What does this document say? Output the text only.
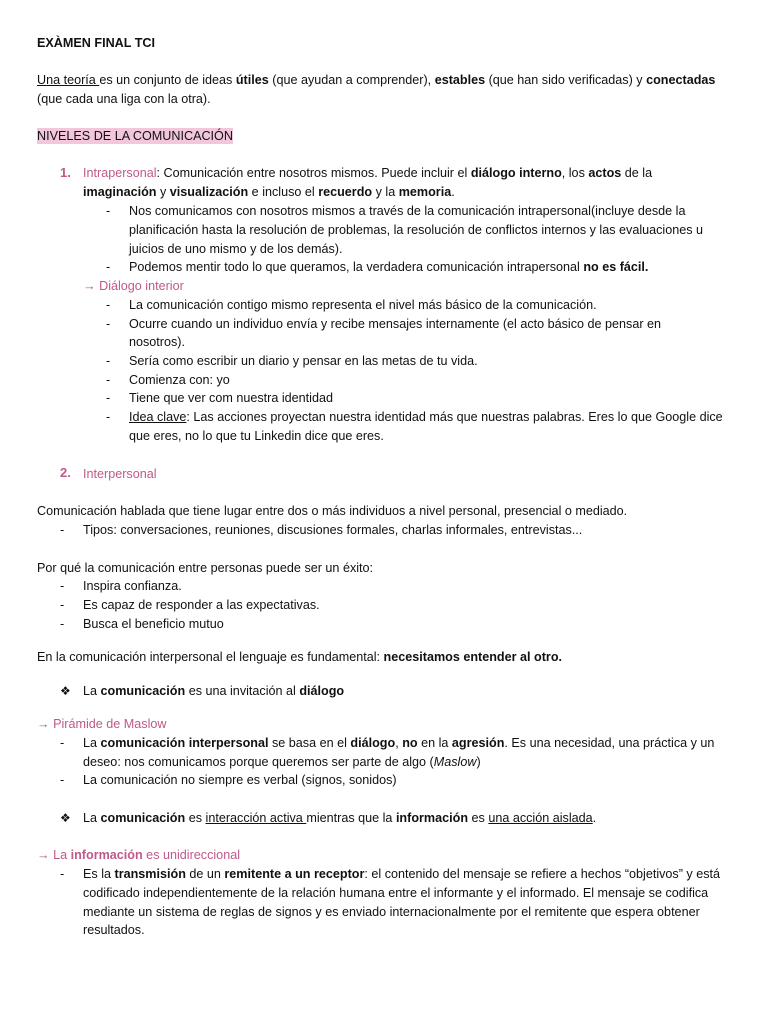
EXÀMEN FINAL TCI
Una teoría es un conjunto de ideas útiles (que ayudan a comprender), estables (que han sido verificadas) y conectadas
(que cada una liga con la otra).
NIVELES DE LA COMUNICACIÓN
1. Intrapersonal: Comunicación entre nosotros mismos. Puede incluir el diálogo interno, los actos de la
imaginación y visualización e incluso el recuerdo y la memoria.
- Nos comunicamos con nosotros mismos a través de la comunicación intrapersonal(incluye desde la
planificación hasta la resolución de problemas, la resolución de conflictos internos y las evaluaciones u
juicios de uno mismo y de los demás).
- Podemos mentir todo lo que queramos, la verdadera comunicación intrapersonal no es fácil.
→ Diálogo interior
- La comunicación contigo mismo representa el nivel más básico de la comunicación.
- Ocurre cuando un individuo envía y recibe mensajes internamente (el acto básico de pensar en
nosotros).
- Sería como escribir un diario y pensar en las metas de tu vida.
- Comienza con: yo
- Tiene que ver com nuestra identidad
- Idea clave: Las acciones proyectan nuestra identidad más que nuestras palabras. Eres lo que Google dice
que eres, no lo que tu Linkedin dice que eres.
2. Interpersonal
Comunicación hablada que tiene lugar entre dos o más individuos a nivel personal, presencial o mediado.
- Tipos: conversaciones, reuniones, discusiones formales, charlas informales, entrevistas...
Por qué la comunicación entre personas puede ser un éxito:
- Inspira confianza.
- Es capaz de responder a las expectativas.
- Busca el beneficio mutuo
En la comunicación interpersonal el lenguaje es fundamental: necesitamos entender al otro.
❖ La comunicación es una invitación al diálogo
→ Pirámide de Maslow
- La comunicación interpersonal se basa en el diálogo, no en la agresión. Es una necesidad, una práctica y un
deseo: nos comunicamos porque queremos ser parte de algo (Maslow)
- La comunicación no siempre es verbal (signos, sonidos)
❖ La comunicación es interacción activa mientras que la información es una acción aislada.
→ La información es unidireccional
- Es la transmisión de un remitente a un receptor: el contenido del mensaje se refiere a hechos “objetivos” y está
codificado independientemente de la relación humana entre el informante y el informado. El mensaje se codifica
mediante un sistema de reglas de signos y es enviado internacionalmente por el remitente que espera obtener
resultados.
